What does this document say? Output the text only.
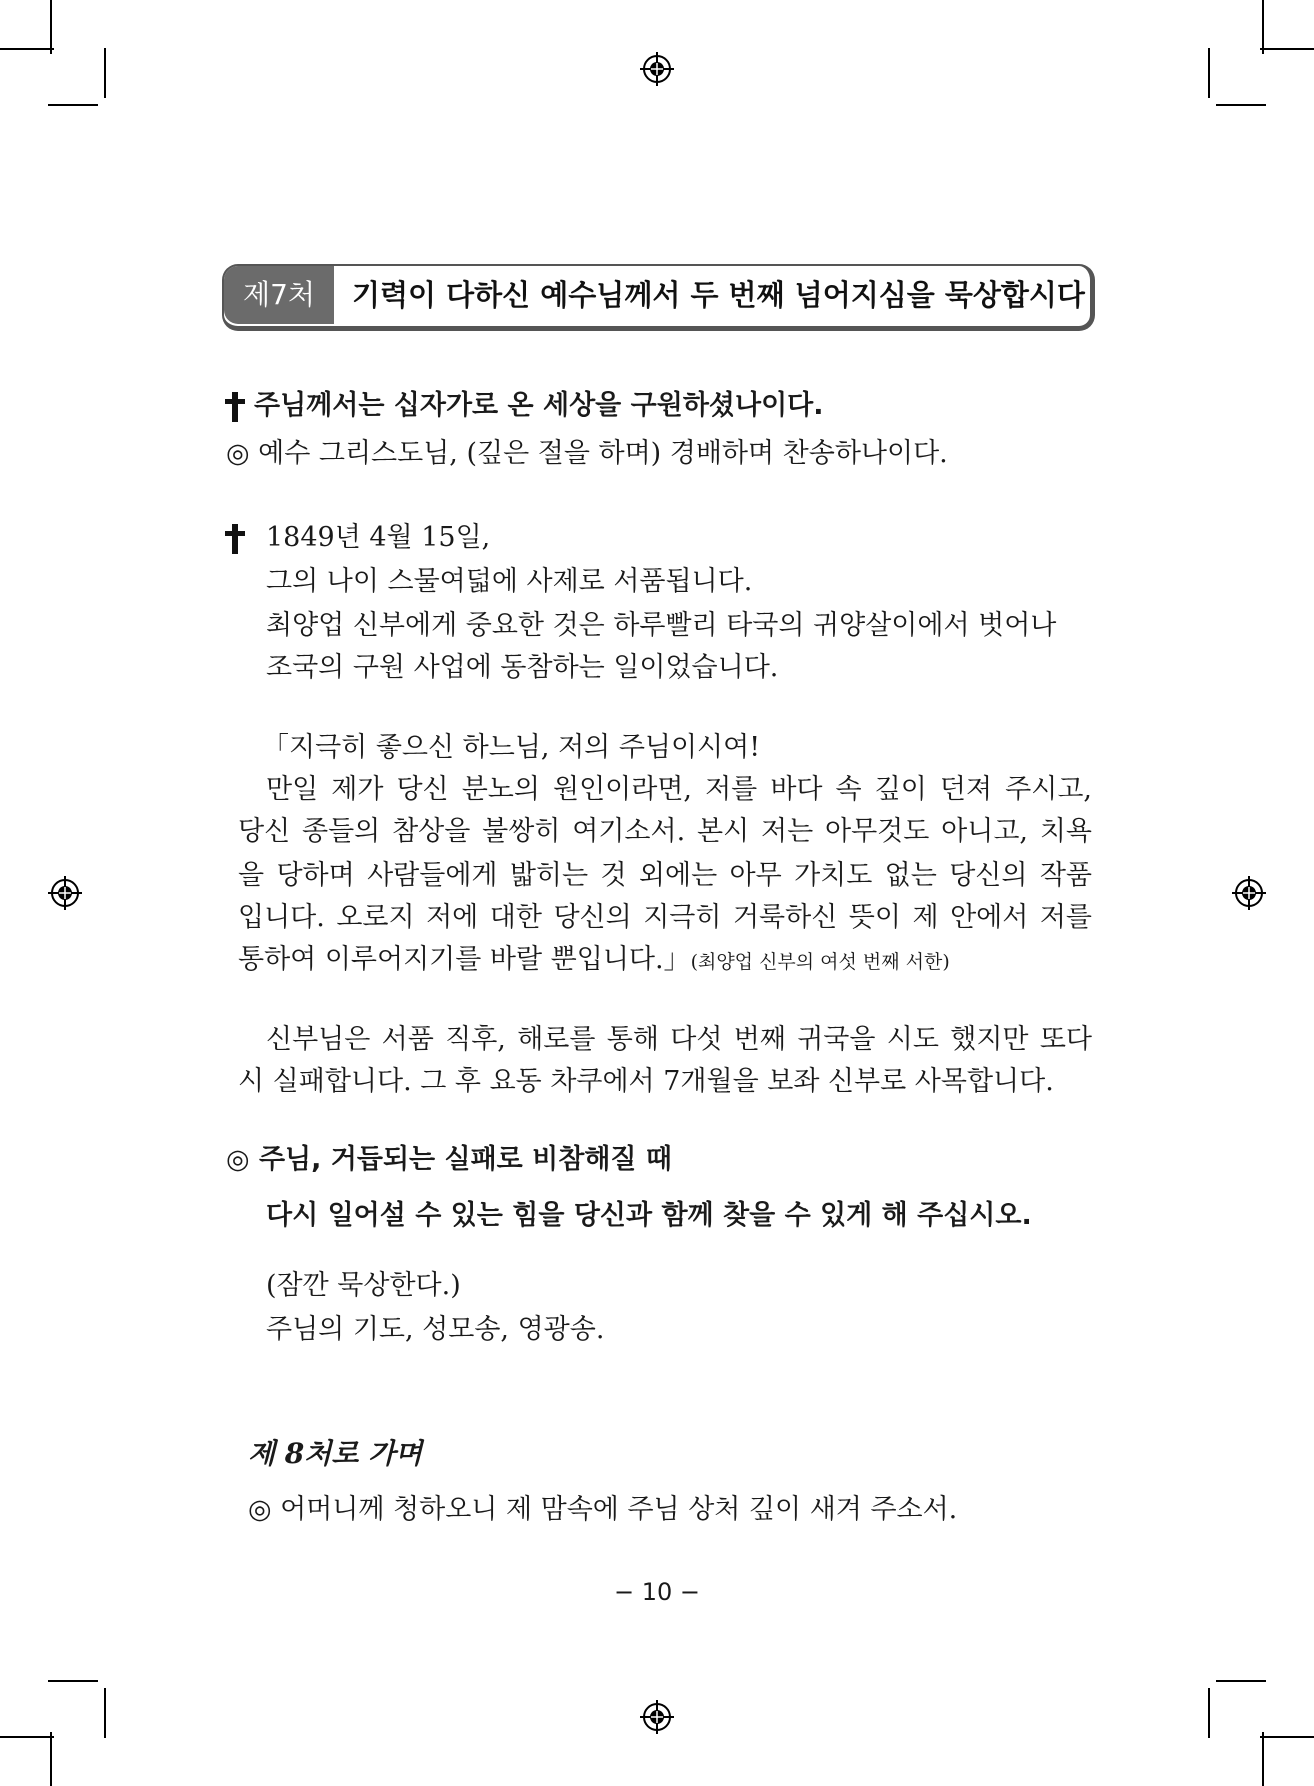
제7처	기력이 다하신 예수님께서 두 번째 넘어지심을 묵상합시다
주님께서는 십자가로 온 세상을 구원하셨나이다.
◎ 예수 그리스도님, (깊은 절을 하며) 경배하며 찬송하나이다.
1849년 4월 15일,
그의 나이 스물여덟에 사제로 서품됩니다.
최양업 신부에게 중요한 것은 하루빨리 타국의 귀양살이에서 벗어나
조국의 구원 사업에 동참하는 일이었습니다.
「지극히 좋으신 하느님, 저의 주님이시여!
만일 제가 당신 분노의 원인이라면, 저를 바다 속 깊이 던져 주시고,
당신 종들의 참상을 불쌍히 여기소서. 본시 저는 아무것도 아니고, 치욕
을 당하며 사람들에게 밟히는 것 외에는 아무 가치도 없는 당신의 작품
입니다. 오로지 저에 대한 당신의 지극히 거룩하신 뜻이 제 안에서 저를
통하여 이루어지기를 바랄 뿐입니다.」(최양업 신부의 여섯 번째 서한)
신부님은 서품 직후, 해로를 통해 다섯 번째 귀국을 시도 했지만 또다
시 실패합니다. 그 후 요동 차쿠에서 7개월을 보좌 신부로 사목합니다.
◎ 주님, 거듭되는 실패로 비참해질 때
다시 일어설 수 있는 힘을 당신과 함께 찾을 수 있게 해 주십시오.
(잠깐 묵상한다.)
주님의 기도, 성모송, 영광송.
제 8처로 가며
◎ 어머니께 청하오니 제 맘속에 주님 상처 깊이 새겨 주소서.
− 10 −
